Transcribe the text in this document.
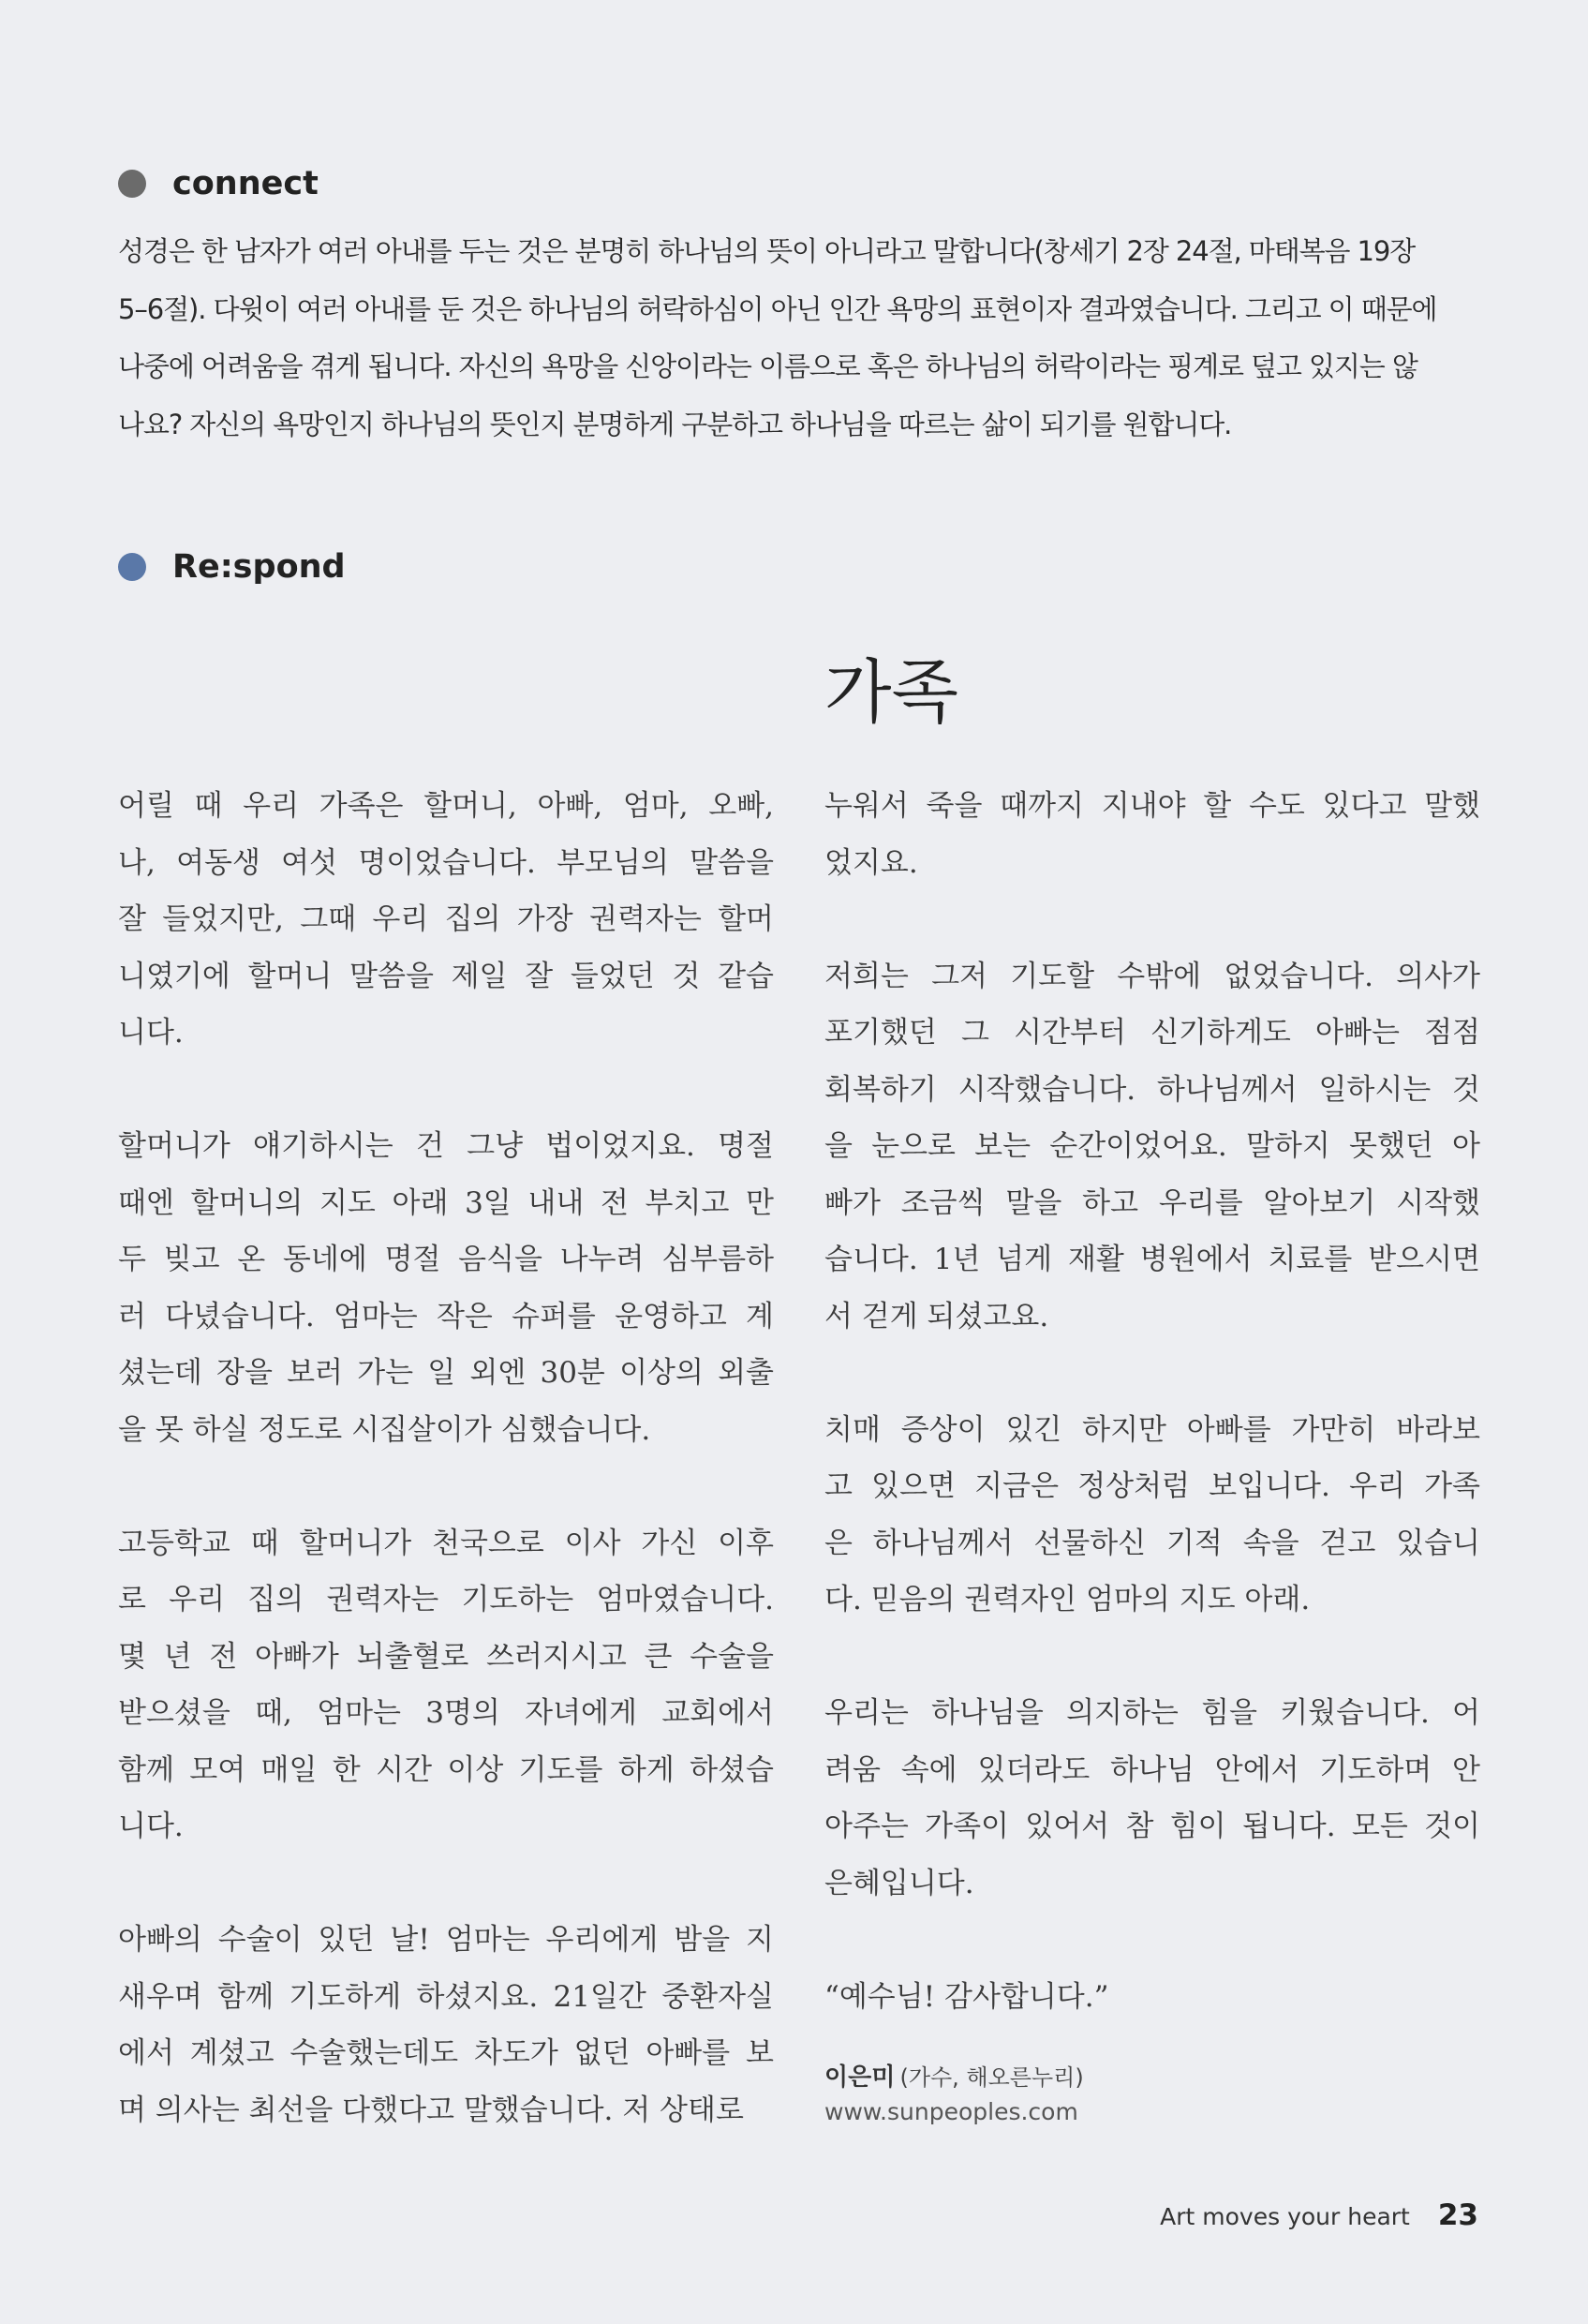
connect
성경은 한 남자가 여러 아내를 두는 것은 분명히 하나님의 뜻이 아니라고 말합니다(창세기 2장 24절, 마태복음 19장
5–6절). 다윗이 여러 아내를 둔 것은 하나님의 허락하심이 아닌 인간 욕망의 표현이자 결과였습니다. 그리고 이 때문에
나중에 어려움을 겪게 됩니다. 자신의 욕망을 신앙이라는 이름으로 혹은 하나님의 허락이라는 핑계로 덮고 있지는 않
나요? 자신의 욕망인지 하나님의 뜻인지 분명하게 구분하고 하나님을 따르는 삶이 되기를 원합니다.
Re:spond
가족
어릴 때 우리 가족은 할머니, 아빠, 엄마, 오빠,
나, 여동생 여섯 명이었습니다. 부모님의 말씀을
잘 들었지만, 그때 우리 집의 가장 권력자는 할머
니였기에 할머니 말씀을 제일 잘 들었던 것 같습
니다.
할머니가 얘기하시는 건 그냥 법이었지요. 명절
때엔 할머니의 지도 아래 3일 내내 전 부치고 만
두 빚고 온 동네에 명절 음식을 나누려 심부름하
러 다녔습니다. 엄마는 작은 슈퍼를 운영하고 계
셨는데 장을 보러 가는 일 외엔 30분 이상의 외출
을 못 하실 정도로 시집살이가 심했습니다.
고등학교 때 할머니가 천국으로 이사 가신 이후
로 우리 집의 권력자는 기도하는 엄마였습니다.
몇 년 전 아빠가 뇌출혈로 쓰러지시고 큰 수술을
받으셨을 때, 엄마는 3명의 자녀에게 교회에서
함께 모여 매일 한 시간 이상 기도를 하게 하셨습
니다.
아빠의 수술이 있던 날! 엄마는 우리에게 밤을 지
새우며 함께 기도하게 하셨지요. 21일간 중환자실
에서 계셨고 수술했는데도 차도가 없던 아빠를 보
며 의사는 최선을 다했다고 말했습니다. 저 상태로
누워서 죽을 때까지 지내야 할 수도 있다고 말했
었지요.
저희는 그저 기도할 수밖에 없었습니다. 의사가
포기했던 그 시간부터 신기하게도 아빠는 점점
회복하기 시작했습니다. 하나님께서 일하시는 것
을 눈으로 보는 순간이었어요. 말하지 못했던 아
빠가 조금씩 말을 하고 우리를 알아보기 시작했
습니다. 1년 넘게 재활 병원에서 치료를 받으시면
서 걷게 되셨고요.
치매 증상이 있긴 하지만 아빠를 가만히 바라보
고 있으면 지금은 정상처럼 보입니다. 우리 가족
은 하나님께서 선물하신 기적 속을 걷고 있습니
다. 믿음의 권력자인 엄마의 지도 아래.
우리는 하나님을 의지하는 힘을 키웠습니다. 어
려움 속에 있더라도 하나님 안에서 기도하며 안
아주는 가족이 있어서 참 힘이 됩니다. 모든 것이
은혜입니다.
“예수님! 감사합니다.”
이은미 (가수, 해오른누리)
www.sunpeoples.com
Art moves your heart 23
